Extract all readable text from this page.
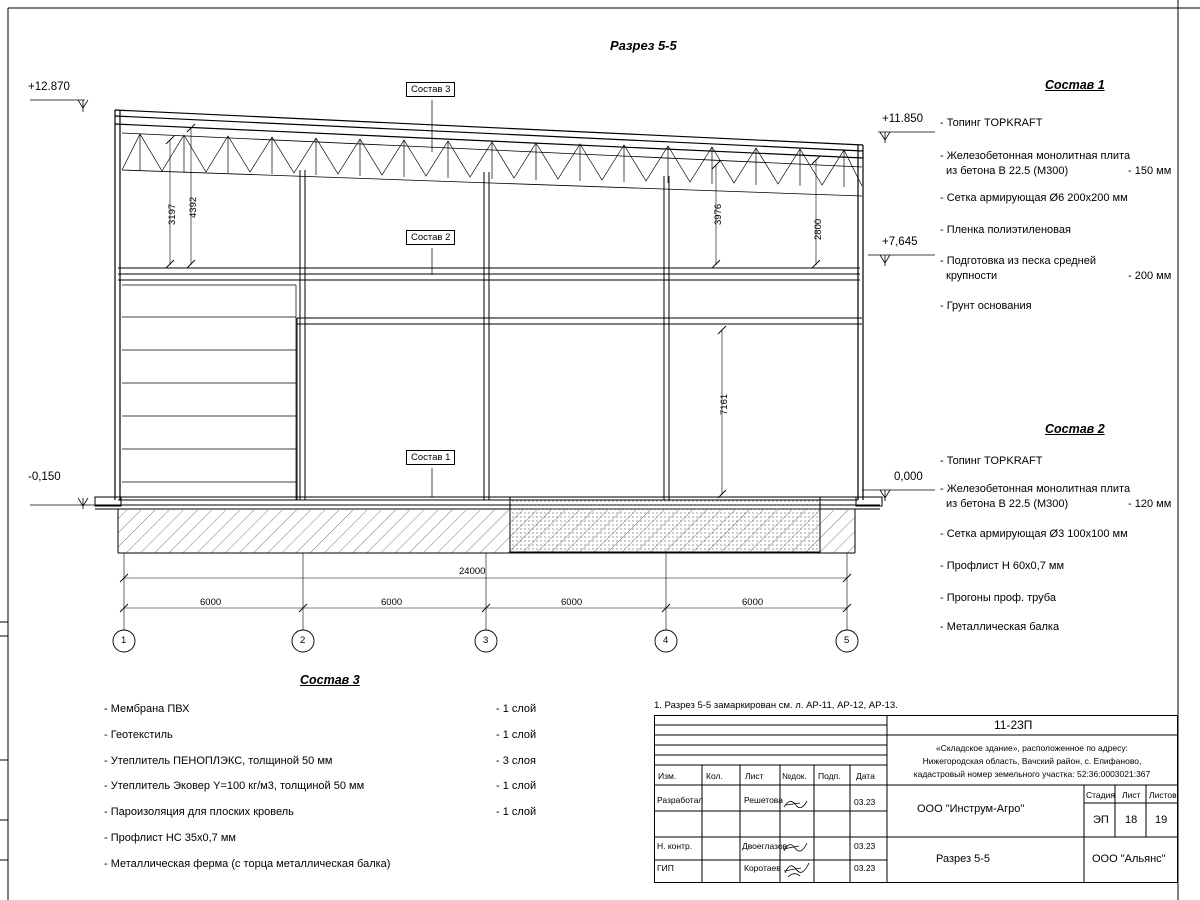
Разрез 5-5
+12.870
+11.850
+7,645
-0,150	0,000
3197 4392	3976
2800
7161
24000
6000	6000	6000	6000
1	2	3	4	5
Состав 3
Состав 2
Состав 1
Состав 1
- Топинг TOPKRAFT
- Железобетонная монолитная плита
из бетона В 22.5 (М300)	- 150 мм
- Сетка армирующая Ø6 200х200 мм
- Пленка полиэтиленовая
- Подготовка из песка средней
крупности	- 200 мм
- Грунт основания
Состав 2
- Топинг TOPKRAFT
- Железобетонная монолитная плита
из бетона В 22.5 (М300)	- 120 мм
- Сетка армирующая Ø3 100х100 мм
- Профлист Н 60х0,7 мм
- Прогоны проф. труба
- Металлическая балка
Состав 3
- Мембрана ПВХ	- 1 слой
- Геотекстиль	- 1 слой
- Утеплитель ПЕНОПЛЭКС, толщиной 50 мм	- 3 слоя
- Утеплитель Эковер Y=100 кг/м3, толщиной 50 мм	- 1 слой
- Пароизоляция для плоских кровель	- 1 слой
- Профлист НС 35х0,7 мм
- Металлическая ферма (с торца металлическая балка)
1. Разрез 5-5 замаркирован см. л. АР-11, АР-12, АР-13.
11-23П
«Складское здание», расположенное по адресу:
Нижегородская область, Вачский район, с. Епифаново,
кадастровый номер земельного участка: 52:36:0003021:367
Изм.	Кол.	Лист №док. Подп. Дата
Разработал	Решетова	03.23
Н. контр.	Двоеглазов	03.23
ГИП	Коротаев	03.23
ООО "Инструм-Агро"
Разрез 5-5
Стадия Лист Листов
ЭП 18 19
ООО "Альянс"
